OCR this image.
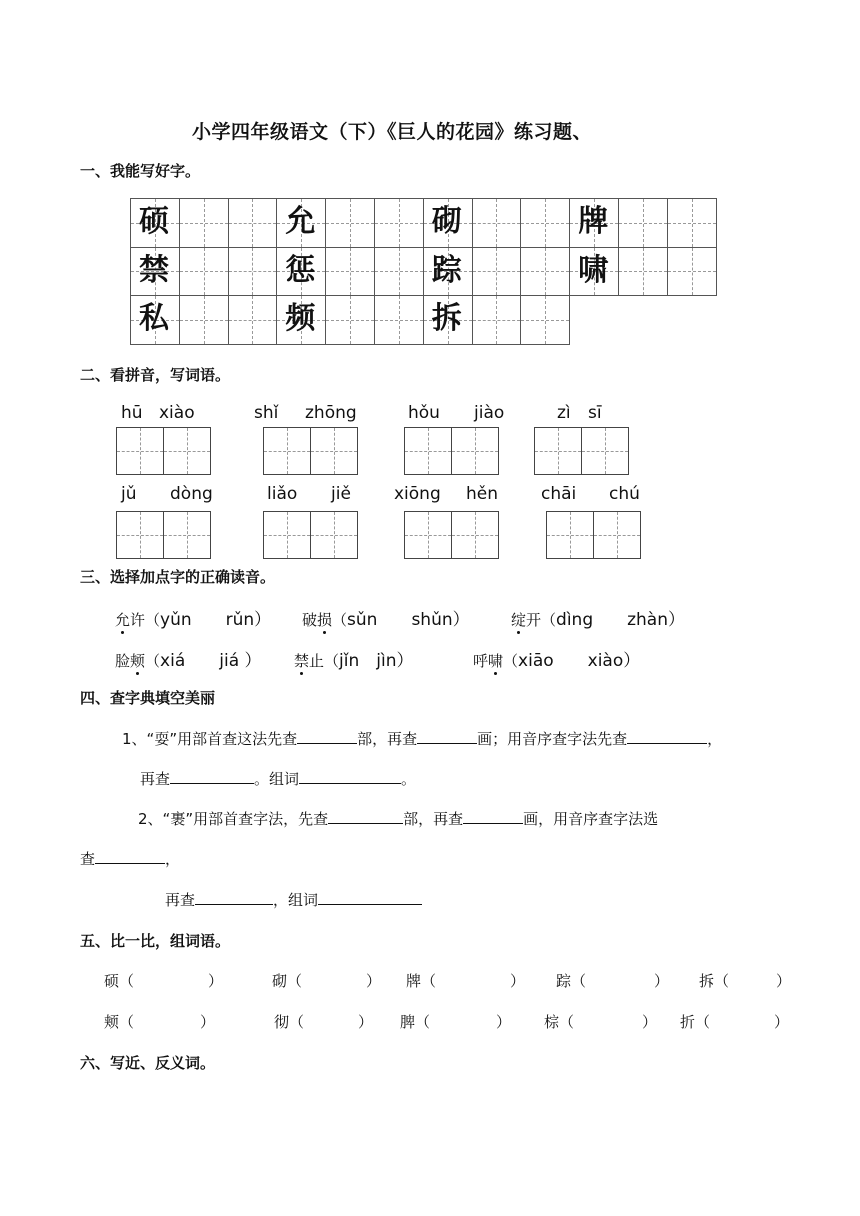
小学四年级语文（下）《巨人的花园》练习题、
一、我能写好字。
硕	允	砌	牌
禁	惩	踪	啸
私	频	拆
二、看拼音，写词语。
hū xiào	shǐ zhōng	hǒu jiào	zì sī
jǔ dòng	liǎo jiě	xiōng hěn	chāi chú
三、选择加点字的正确读音。
允许（yǔn　　rǔn） 破损（sǔn　　shǔn）	绽开（dìng　　zhàn）
脸颊（xiá　　jiá ） 禁止（jǐn　jìn）	呼啸（xiāo　　xiào）
四、查字典填空美丽
1、“耍”用部首查这法先查	部，再查	画；用音序查字法先查	，
再查	。组词	。
2、“裹”用部首查字法，先查	部，再查	画，用音序查字法选
查	，
再查	，组词
五、比一比，组词语。
硕（	）	砌（	） 牌（	） 踪（	） 拆（	）
颊（	）	彻（	） 脾（	） 棕（	） 折（	）
六、写近、反义词。
